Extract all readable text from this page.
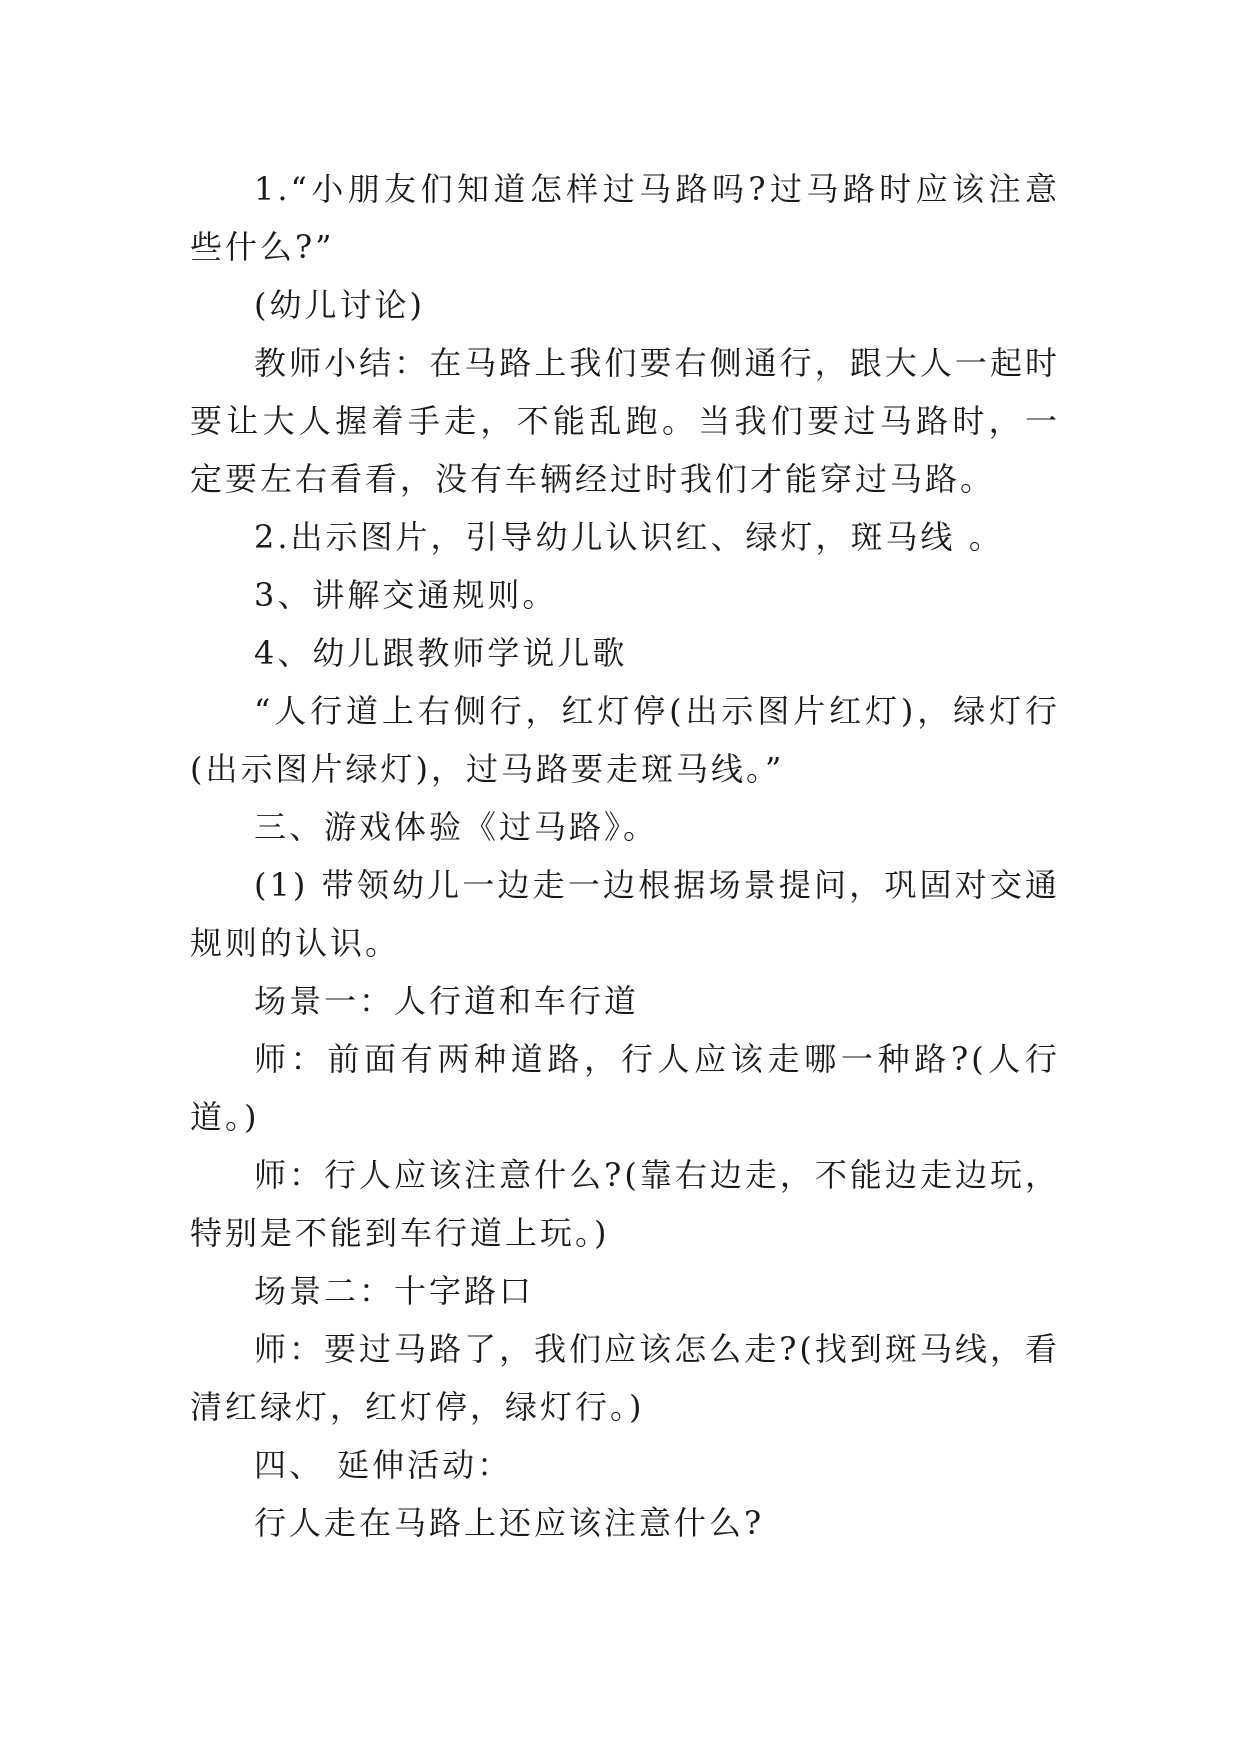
1.“小朋友们知道怎样过马路吗?过马路时应该注意些什么?”

(幼儿讨论)

教师小结：在马路上我们要右侧通行，跟大人一起时要让大人握着手走，不能乱跑。当我们要过马路时，一定要左右看看，没有车辆经过时我们才能穿过马路。

2.出示图片，引导幼儿认识红、绿灯，斑马线 。

3、讲解交通规则。

4、幼儿跟教师学说儿歌

“人行道上右侧行，红灯停(出示图片红灯)，绿灯行(出示图片绿灯)，过马路要走斑马线。”

三、游戏体验《过马路》。

(1) 带领幼儿一边走一边根据场景提问，巩固对交通规则的认识。

场景一：人行道和车行道

师：前面有两种道路，行人应该走哪一种路?(人行道。)

师：行人应该注意什么?(靠右边走，不能边走边玩，特别是不能到车行道上玩。)

场景二：十字路口

师：要过马路了，我们应该怎么走?(找到斑马线，看清红绿灯，红灯停，绿灯行。)

四、 延伸活动：

行人走在马路上还应该注意什么?
